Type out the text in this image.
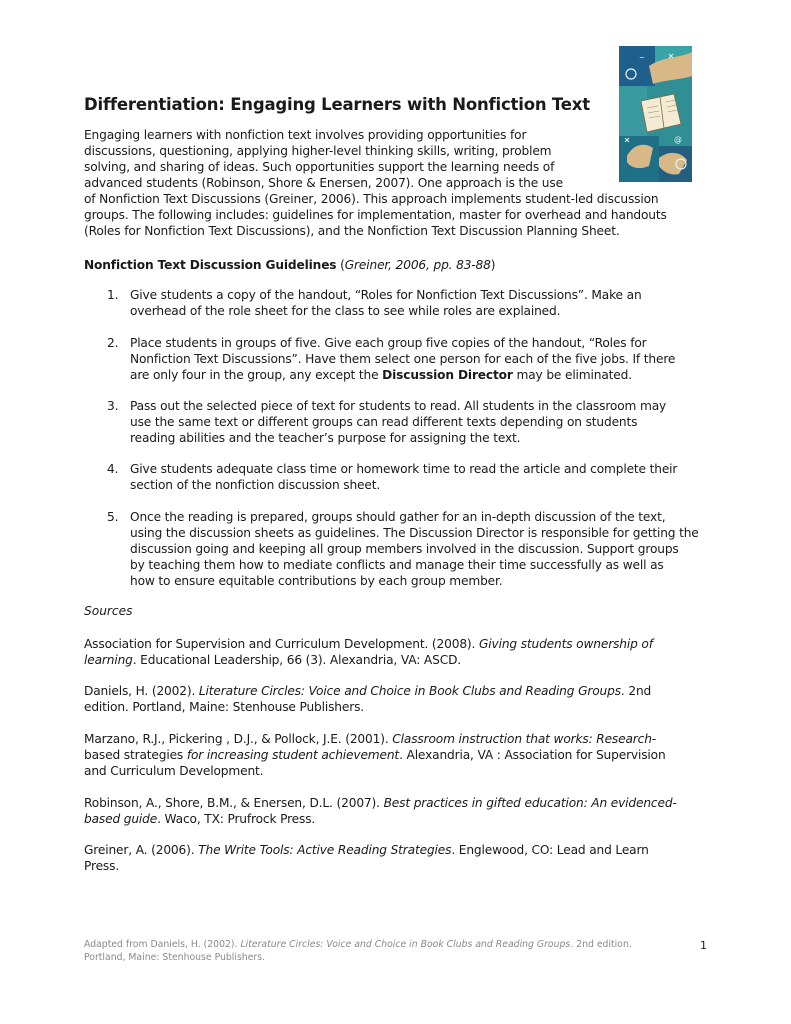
Differentiation: Engaging Learners with Nonfiction Text
@
~

Engaging learners with nonfiction text involves providing opportunities for
discussions, questioning, applying higher-level thinking skills, writing, problem
solving, and sharing of ideas. Such opportunities support the learning needs of
advanced students (Robinson, Shore & Enersen, 2007). One approach is the use
of Nonfiction Text Discussions (Greiner, 2006). This approach implements student-led discussion
groups. The following includes: guidelines for implementation, master for overhead and handouts
(Roles for Nonfiction Text Discussions), and the Nonfiction Text Discussion Planning Sheet.

Nonfiction Text Discussion Guidelines (Greiner, 2006, pp. 83-88)

1. Give students a copy of the handout, “Roles for Nonfiction Text Discussions”. Make an
overhead of the role sheet for the class to see while roles are explained.
2. Place students in groups of five. Give each group five copies of the handout, “Roles for
Nonfiction Text Discussions”. Have them select one person for each of the five jobs. If there
are only four in the group, any except the Discussion Director may be eliminated.
3. Pass out the selected piece of text for students to read. All students in the classroom may
use the same text or different groups can read different texts depending on students
reading abilities and the teacher’s purpose for assigning the text.
4. Give students adequate class time or homework time to read the article and complete their
section of the nonfiction discussion sheet.
5. Once the reading is prepared, groups should gather for an in-depth discussion of the text,
using the discussion sheets as guidelines. The Discussion Director is responsible for getting the
discussion going and keeping all group members involved in the discussion. Support groups
by teaching them how to mediate conflicts and manage their time successfully as well as
how to ensure equitable contributions by each group member.

Sources

Association for Supervision and Curriculum Development. (2008). Giving students ownership of
learning. Educational Leadership, 66 (3). Alexandria, VA: ASCD.

Daniels, H. (2002). Literature Circles: Voice and Choice in Book Clubs and Reading Groups. 2nd
edition. Portland, Maine: Stenhouse Publishers.

Marzano, R.J., Pickering , D.J., & Pollock, J.E. (2001). Classroom instruction that works: Research-
based strategies for increasing student achievement. Alexandria, VA : Association for Supervision
and Curriculum Development.

Robinson, A., Shore, B.M., & Enersen, D.L. (2007). Best practices in gifted education: An evidenced-
based guide. Waco, TX: Prufrock Press.

Greiner, A. (2006). The Write Tools: Active Reading Strategies. Englewood, CO: Lead and Learn
Press.

Adapted from Daniels, H. (2002). Literature Circles: Voice and Choice in Book Clubs and Reading Groups. 2nd edition.
Portland, Maine: Stenhouse Publishers.

1
